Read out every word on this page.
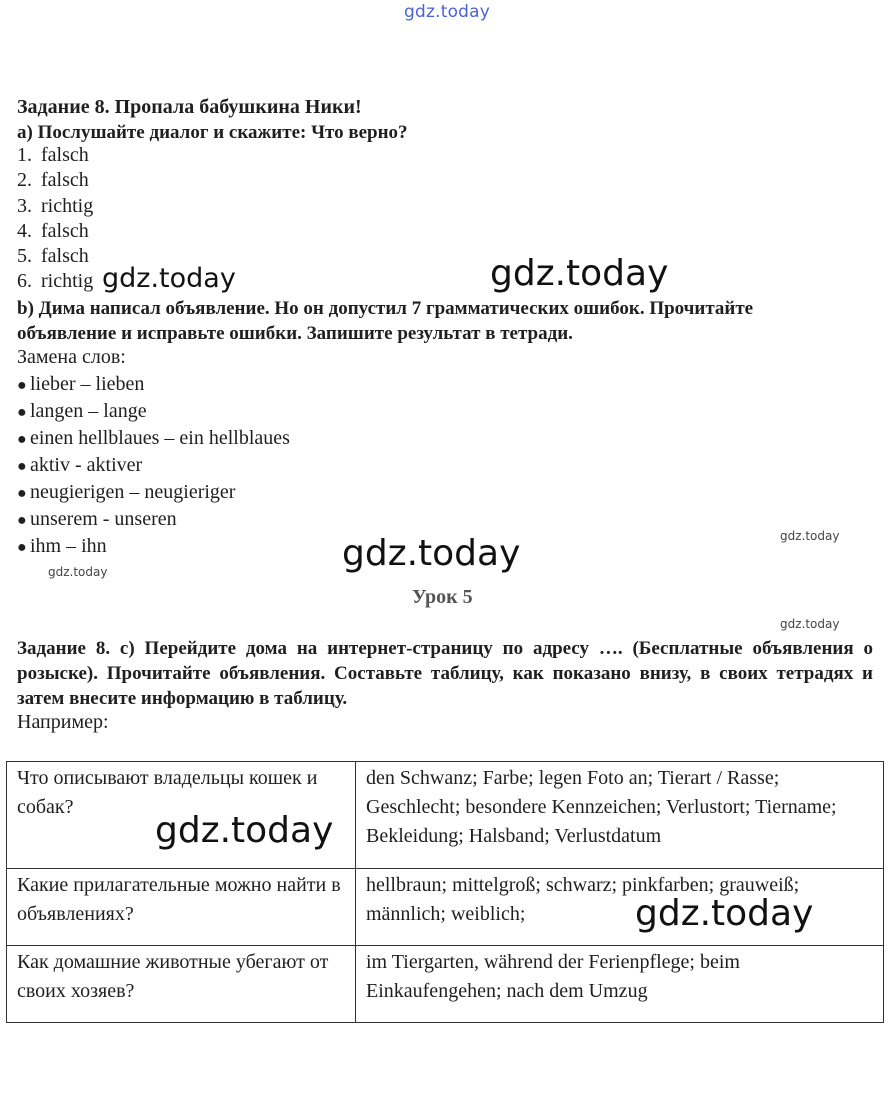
gdz.today
Задание 8. Пропала бабушкина Ники!
а) Послушайте диалог и скажите: Что верно?
1. falsch
2. falsch
3. richtig
4. falsch
5. falsch
6. richtig gdz.today	gdz.today
b) Дима написал объявление. Но он допустил 7 грамматических ошибок. Прочитайте
объявление и исправьте ошибки. Запишите результат в тетради.
Замена слов:
● lieber – lieben
● langen – lange
● einen hellblaues – ein hellblaues
● aktiv - aktiver
● neugierigen – neugieriger
● unserem - unseren
● ihm – ihn	gdz.today
gdz.today
gdz.today
Урок 5
gdz.today
Задание 8. с) Перейдите дома на интернет-страницу по адресу …. (Бесплатные объявления о розыске). Прочитайте объявления. Составьте таблицу, как показано внизу, в своих тетрадях и затем внесите информацию в таблицу.
Например:

Что описывают владельцы кошек и собак?	den Schwanz; Farbe; legen Foto an; Tierart / Rasse; Geschlecht; besondere Kennzeichen; Verlustort; Tiername; Bekleidung; Halsband; Verlustdatum
Какие прилагательные можно найти в объявлениях?	hellbraun; mittelgroß; schwarz; pinkfarben; grauweiß; männlich; weiblich;
Как домашние животные убегают от своих хозяев?	im Tiergarten, während der Ferienpflege; beim Einkaufengehen; nach dem Umzug
gdz.today
gdz.today
